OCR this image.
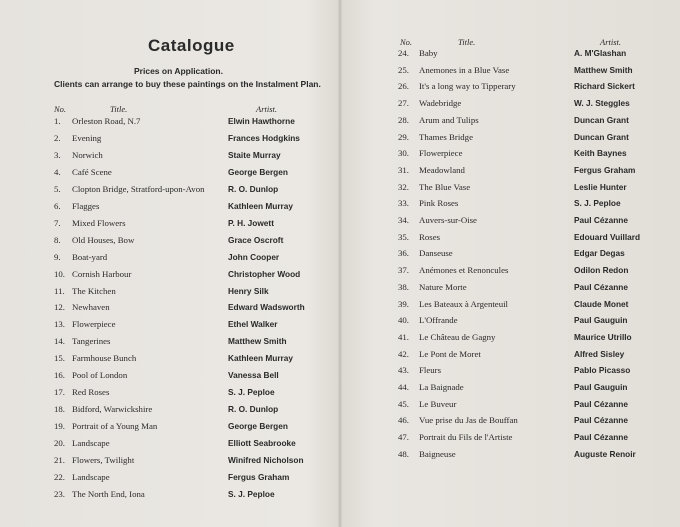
Catalogue
Prices on Application.
Clients can arrange to buy these paintings on the Instalment Plan.
No.	Title.	Artist.
1. Orleston Road, N.7	Elwin Hawthorne
2. Evening	Frances Hodgkins
3. Norwich	Staite Murray
4. Café Scene	George Bergen
5. Clopton Bridge, Stratford-upon-Avon	R. O. Dunlop
6. Flagges	Kathleen Murray
7. Mixed Flowers	P. H. Jowett
8. Old Houses, Bow	Grace Oscroft
9. Boat-yard	John Cooper
10. Cornish Harbour	Christopher Wood
11. The Kitchen	Henry Silk
12. Newhaven	Edward Wadsworth
13. Flowerpiece	Ethel Walker
14. Tangerines	Matthew Smith
15. Farmhouse Bunch	Kathleen Murray
16. Pool of London	Vanessa Bell
17. Red Roses	S. J. Peploe
18. Bidford, Warwickshire	R. O. Dunlop
19. Portrait of a Young Man	George Bergen
20. Landscape	Elliott Seabrooke
21. Flowers, Twilight	Winifred Nicholson
22. Landscape	Fergus Graham
23. The North End, Iona	S. J. Peploe
No.	Title.	Artist.
24. Baby	A. M'Glashan
25. Anemones in a Blue Vase	Matthew Smith
26. It's a long way to Tipperary	Richard Sickert
27. Wadebridge	W. J. Steggles
28. Arum and Tulips	Duncan Grant
29. Thames Bridge	Duncan Grant
30. Flowerpiece	Keith Baynes
31. Meadowland	Fergus Graham
32. The Blue Vase	Leslie Hunter
33. Pink Roses	S. J. Peploe
34. Auvers-sur-Oise	Paul Cézanne
35. Roses	Edouard Vuillard
36. Danseuse	Edgar Degas
37. Anémones et Renoncules	Odilon Redon
38. Nature Morte	Paul Cézanne
39. Les Bateaux à Argenteuil	Claude Monet
40. L'Offrande	Paul Gauguin
41. Le Château de Gagny	Maurice Utrillo
42. Le Pont de Moret	Alfred Sisley
43. Fleurs	Pablo Picasso
44. La Baignade	Paul Gauguin
45. Le Buveur	Paul Cézanne
46. Vue prise du Jas de Bouffan	Paul Cézanne
47. Portrait du Fils de l'Artiste	Paul Cézanne
48. Baigneuse	Auguste Renoir
